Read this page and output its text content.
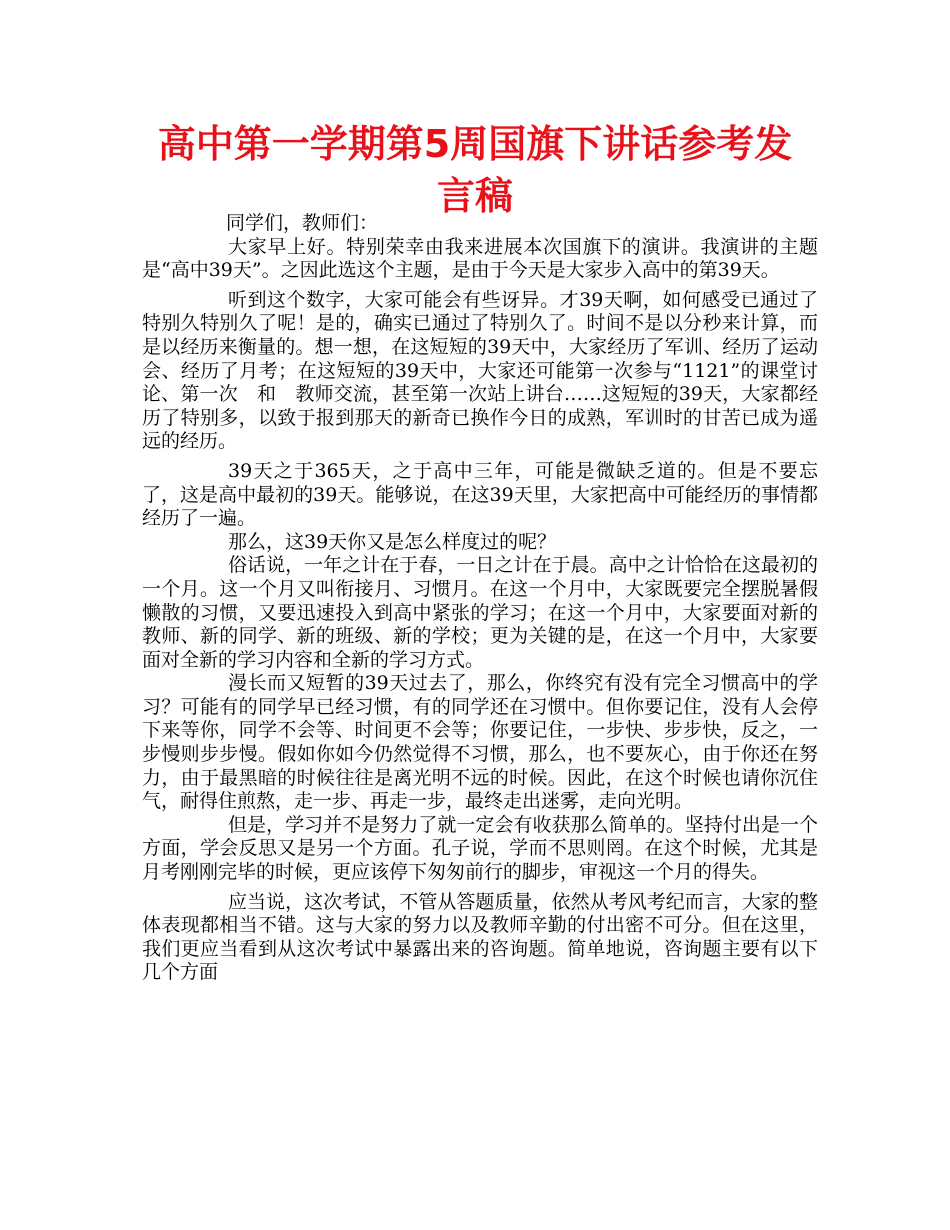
高中第一学期第5周国旗下讲话参考发言稿

同学们，教师们：

大家早上好。特别荣幸由我来进展本次国旗下的演讲。我演讲的主题是“高中39天”。之因此选这个主题，是由于今天是大家步入高中的第39天。

听到这个数字，大家可能会有些讶异。才39天啊，如何感受已通过了特别久特别久了呢！是的，确实已通过了特别久了。时间不是以分秒来计算，而是以经历来衡量的。想一想，在这短短的39天中，大家经历了军训、经历了运动会、经历了月考；在这短短的39天中，大家还可能第一次参与“1121”的课堂讨论、第一次　和　教师交流，甚至第一次站上讲台……这短短的39天，大家都经历了特别多，以致于报到那天的新奇已换作今日的成熟，军训时的甘苦已成为遥远的经历。

39天之于365天，之于高中三年，可能是微缺乏道的。但是不要忘了，这是高中最初的39天。能够说，在这39天里，大家把高中可能经历的事情都经历了一遍。

那么，这39天你又是怎么样度过的呢？

俗话说，一年之计在于春，一日之计在于晨。高中之计恰恰在这最初的一个月。这一个月又叫衔接月、习惯月。在这一个月中，大家既要完全摆脱暑假懒散的习惯，又要迅速投入到高中紧张的学习；在这一个月中，大家要面对新的教师、新的同学、新的班级、新的学校；更为关键的是，在这一个月中，大家要面对全新的学习内容和全新的学习方式。

漫长而又短暂的39天过去了，那么，你终究有没有完全习惯高中的学习？可能有的同学早已经习惯，有的同学还在习惯中。但你要记住，没有人会停下来等你，同学不会等、时间更不会等；你要记住，一步快、步步快，反之，一步慢则步步慢。假如你如今仍然觉得不习惯，那么，也不要灰心，由于你还在努力，由于最黑暗的时候往往是离光明不远的时候。因此，在这个时候也请你沉住气，耐得住煎熬，走一步、再走一步，最终走出迷雾，走向光明。

但是，学习并不是努力了就一定会有收获那么简单的。坚持付出是一个方面，学会反思又是另一个方面。孔子说，学而不思则罔。在这个时候，尤其是月考刚刚完毕的时候，更应该停下匆匆前行的脚步，审视这一个月的得失。

应当说，这次考试，不管从答题质量，依然从考风考纪而言，大家的整体表现都相当不错。这与大家的努力以及教师辛勤的付出密不可分。但在这里，我们更应当看到从这次考试中暴露出来的咨询题。简单地说，咨询题主要有以下几个方面
